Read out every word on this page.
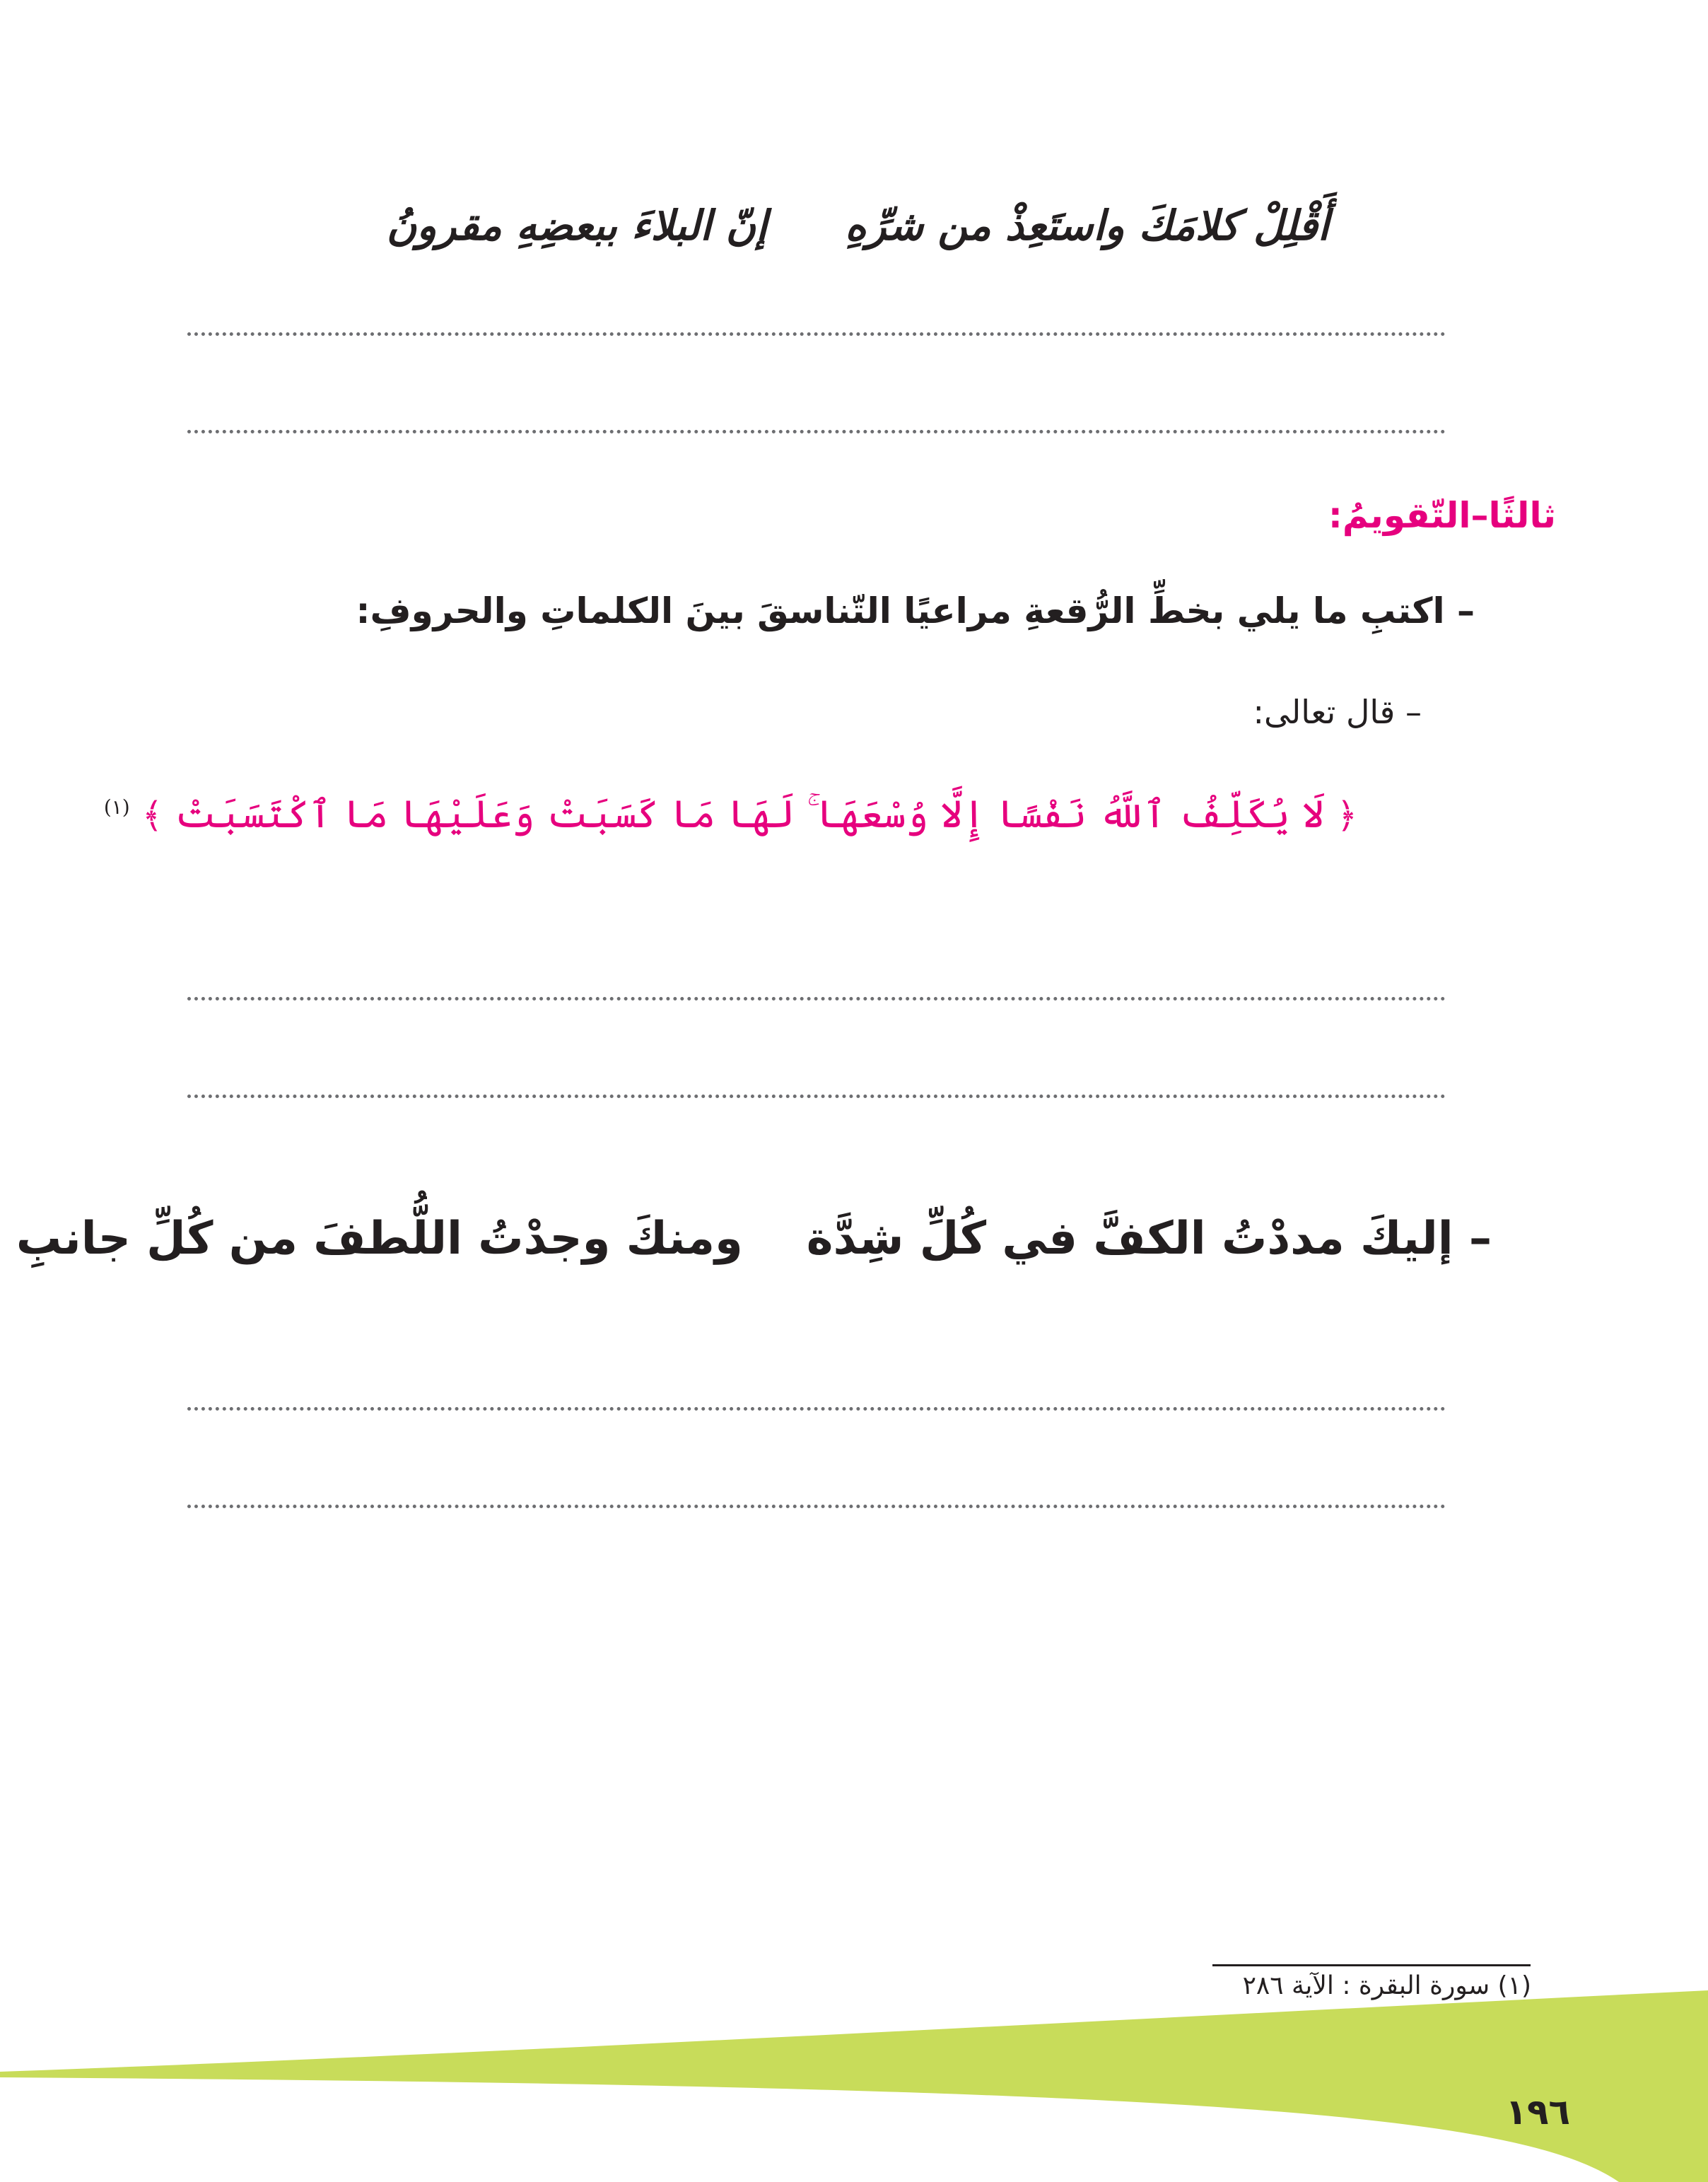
أَقْلِلْ كلامَكَ واستَعِذْ من شرِّهِإنّ البلاءَ ببعضِهِ مقرونُ
ثالثًا–التّقويمُ:
– اكتبِ ما يلي بخطِّ الرُّقعةِ مراعيًا التّناسقَ بينَ الكلماتِ والحروفِ:
– قال تعالى:
﴿ لَا يُكَلِّفُ ٱللَّهُ نَفْسًا إِلَّا وُسْعَهَا ۚ لَهَا مَا كَسَبَتْ وَعَلَيْهَا مَا ٱكْتَسَبَتْ ﴾ $^{(١)}$
– إليكَ مددْتُ الكفَّ في كُلِّ شِدَّةومنكَ وجدْتُ اللُّطفَ من كُلِّ جانبِ
(١) سورة البقرة : الآية ٢٨٦
١٩٦
